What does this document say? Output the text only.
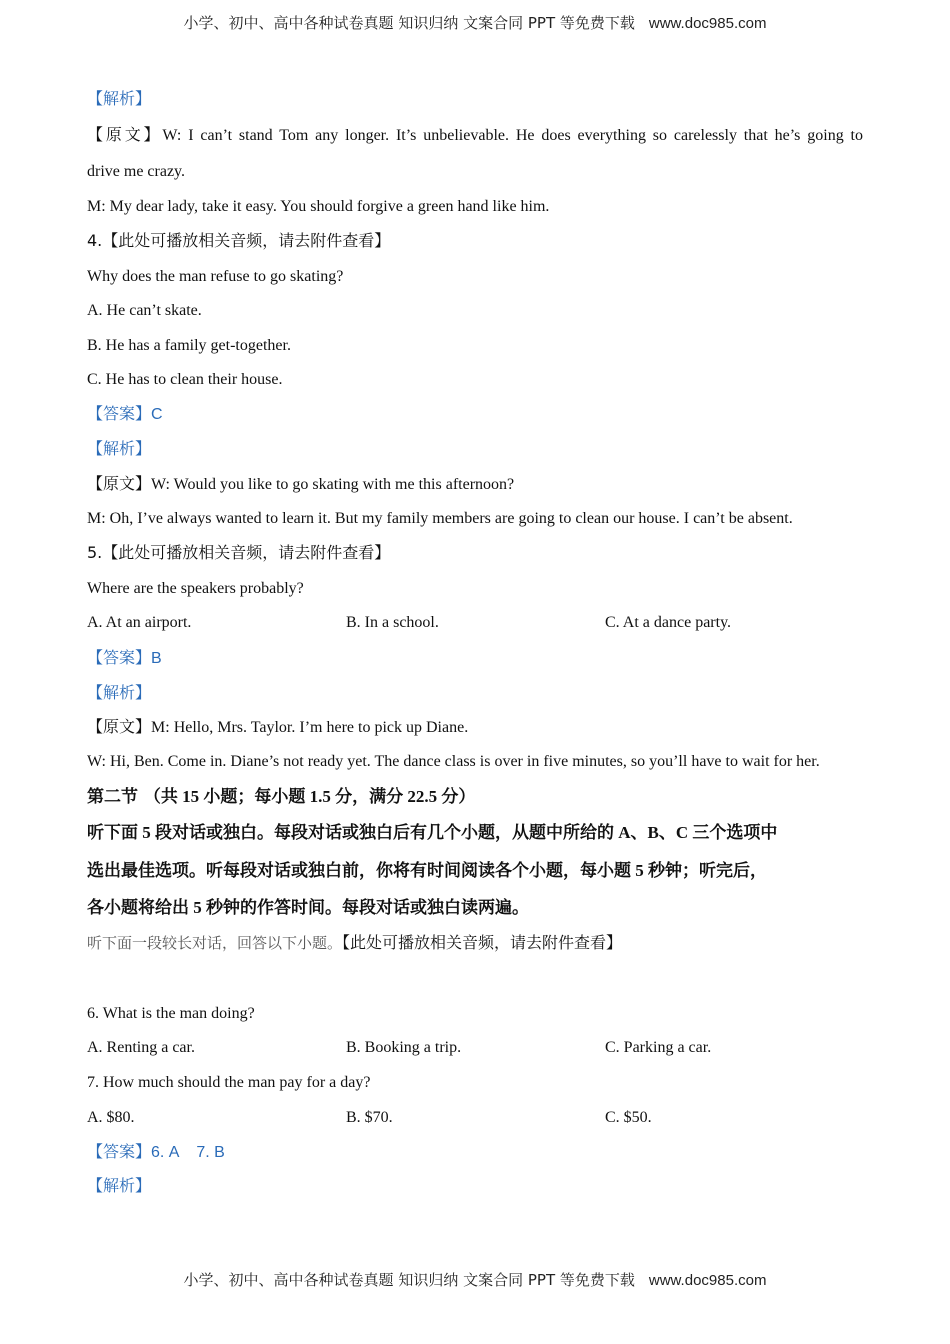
小学、初中、高中各种试卷真题 知识归纳 文案合同 PPT 等免费下载 www.doc985.com
【解析】
【原文】W: I can’t stand Tom any longer. It’s unbelievable. He does everything so carelessly that he’s going to
drive me crazy.
M: My dear lady, take it easy. You should forgive a green hand like him.
4.【此处可播放相关音频，请去附件查看】
Why does the man refuse to go skating?
A. He can’t skate.
B. He has a family get-together.
C. He has to clean their house.
【答案】C
【解析】
【原文】W: Would you like to go skating with me this afternoon?
M: Oh, I’ve always wanted to learn it. But my family members are going to clean our house. I can’t be absent.
5.【此处可播放相关音频，请去附件查看】
Where are the speakers probably?
A. At an airport.	B. In a school.	C. At a dance party.
【答案】B
【解析】
【原文】M: Hello, Mrs. Taylor. I’m here to pick up Diane.
W: Hi, Ben. Come in. Diane’s not ready yet. The dance class is over in five minutes, so you’ll have to wait for her.
第二节 （共 15 小题；每小题 1.5 分，满分 22.5 分）
听下面 5 段对话或独白。每段对话或独白后有几个小题，从题中所给的 A、B、C 三个选项中
选出最佳选项。听每段对话或独白前，你将有时间阅读各个小题，每小题 5 秒钟；听完后，
各小题将给出 5 秒钟的作答时间。每段对话或独白读两遍。
听下面一段较长对话，回答以下小题。【此处可播放相关音频，请去附件查看】
6. What is the man doing?
A. Renting a car.	B. Booking a trip.	C. Parking a car.
7. How much should the man pay for a day?
A. $80.	B. $70.	C. $50.
【答案】6. A    7. B
【解析】
小学、初中、高中各种试卷真题 知识归纳 文案合同 PPT 等免费下载 www.doc985.com
